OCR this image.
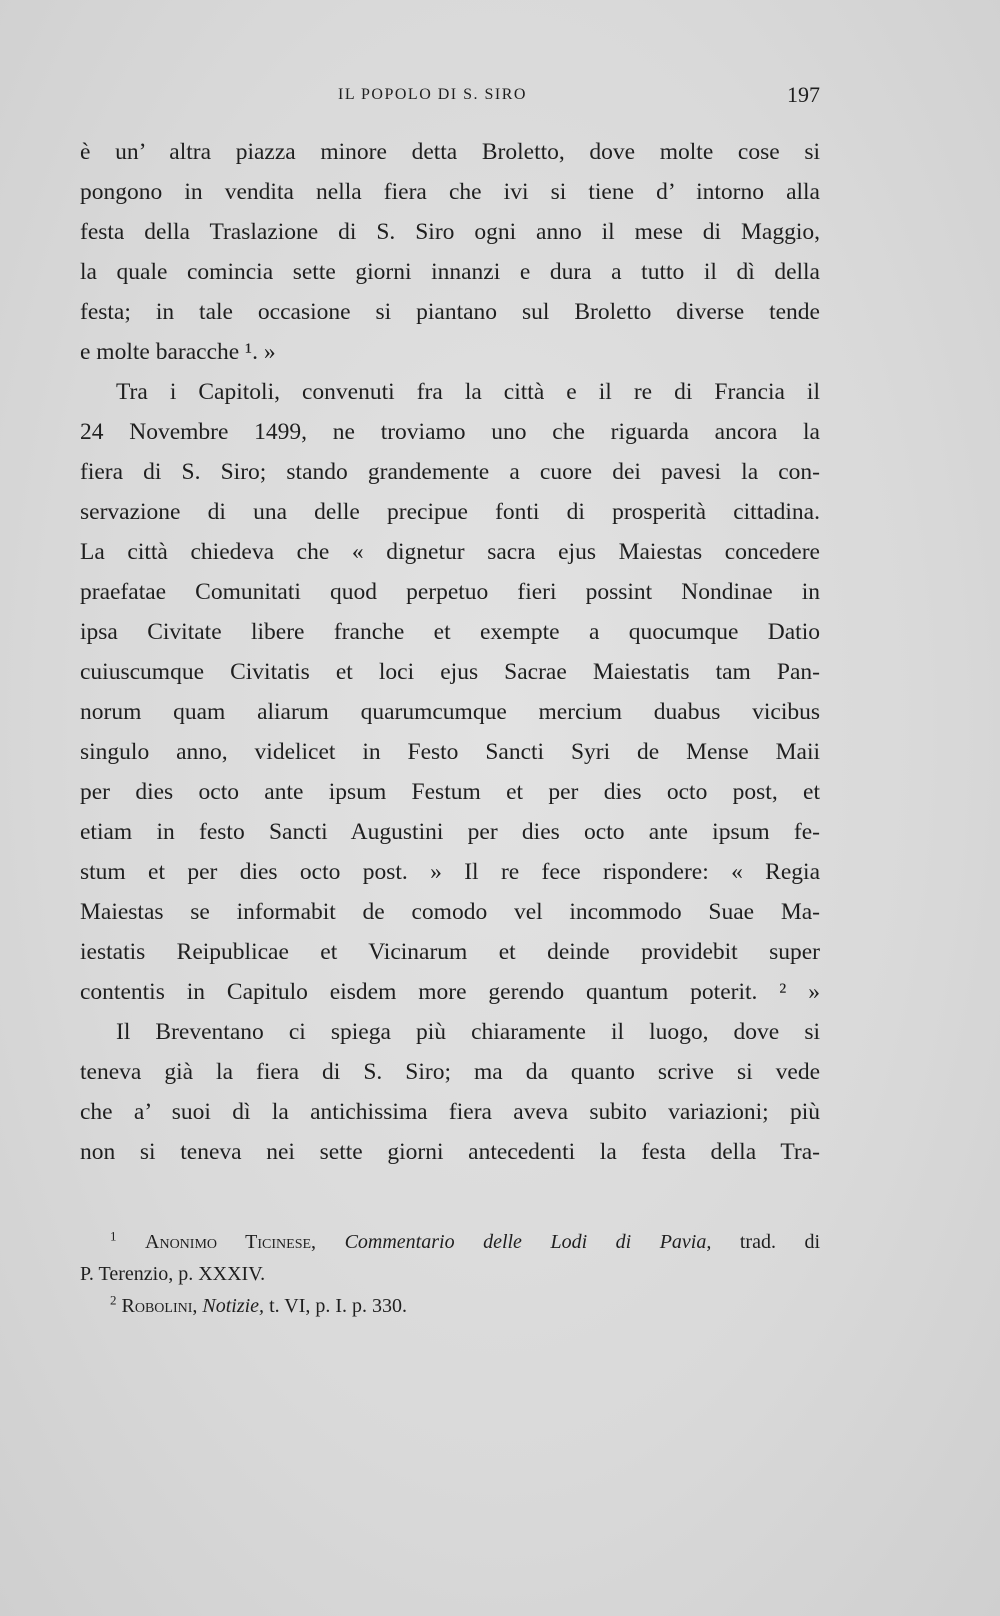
IL POPOLO DI S. SIRO	197
è un’ altra piazza minore detta Broletto, dove molte cose si
pongono in vendita nella fiera che ivi si tiene d’ intorno alla
festa della Traslazione di S. Siro ogni anno il mese di Maggio,
la quale comincia sette giorni innanzi e dura a tutto il dì della
festa; in tale occasione si piantano sul Broletto diverse tende
e molte baracche ¹. »
Tra i Capitoli, convenuti fra la città e il re di Francia il
24 Novembre 1499, ne troviamo uno che riguarda ancora la
fiera di S. Siro; stando grandemente a cuore dei pavesi la con-
servazione di una delle precipue fonti di prosperità cittadina.
La città chiedeva che « dignetur sacra ejus Maiestas concedere
praefatae Comunitati quod perpetuo fieri possint Nondinae in
ipsa Civitate libere franche et exempte a quocumque Datio
cuiuscumque Civitatis et loci ejus Sacrae Maiestatis tam Pan-
norum quam aliarum quarumcumque mercium duabus vicibus
singulo anno, videlicet in Festo Sancti Syri de Mense Maii
per dies octo ante ipsum Festum et per dies octo post, et
etiam in festo Sancti Augustini per dies octo ante ipsum fe-
stum et per dies octo post. » Il re fece rispondere: « Regia
Maiestas se informabit de comodo vel incommodo Suae Ma-
iestatis Reipublicae et Vicinarum et deinde providebit super
contentis in Capitulo eisdem more gerendo quantum poterit. ² »
Il Breventano ci spiega più chiaramente il luogo, dove si
teneva già la fiera di S. Siro; ma da quanto scrive si vede
che a’ suoi dì la antichissima fiera aveva subito variazioni; più
non si teneva nei sette giorni antecedenti la festa della Tra-
$^1$ Anonimo Ticinese, Commentario delle Lodi di Pavia, trad. di
P. Terenzio, p. XXXIV.
$^2$ Robolini, Notizie, t. VI, p. I. p. 330.
